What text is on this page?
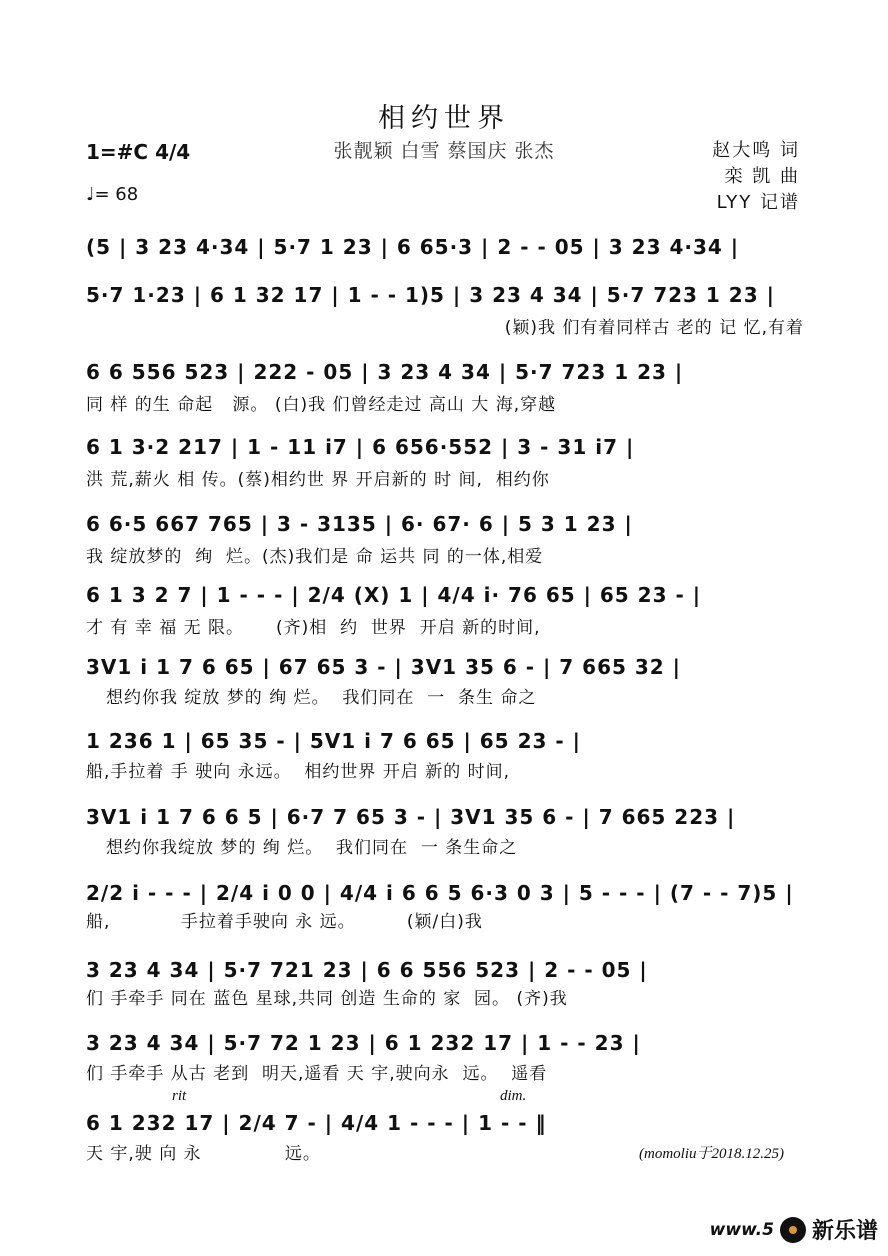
相约世界
张靓颖 白雪 蔡国庆 张杰
1=#C 4/4
♩= 68
赵大鸣 词
栾 凯 曲
LYY 记谱
(5 | 3 23 4·34 | 5·7 1 23 | 6 65·3 | 2 - - 05 | 3 23 4·34 |
5·7 1·23 | 6 1 32 17 | 1 - - 1)5 | 3 23 4 34 | 5·7 723 1 23 |
(颖)我 们有着同样古 老的 记 忆,有着
6 6 556 523 | 222 - 05 | 3 23 4 34 | 5·7 723 1 23 |
同 样 的生 命起   源。 (白)我 们曾经走过 高山 大 海,穿越
6 1 3·2 217 | 1 - 11 i7 | 6 656·552 | 3 - 31 i7 |
洪 荒,薪火 相 传。(蔡)相约世 界 开启新的 时 间,  相约你
6 6·5 667 765 | 3 - 3135 | 6· 67· 6 | 5 3 1 23 |
我 绽放梦的  绚  烂。(杰)我们是 命 运共 同 的一体,相爱
6 1 3 2 7 | 1 - - - | 2/4 (X) 1 | 4/4 i· 76 65 | 65 23 - |
才 有 幸 福 无 限。     (齐)相  约  世界  开启 新的时间,
3V1 i 1 7 6 65 | 67 65 3 - | 3V1 35 6 - | 7 665 32 |
想约你我 绽放 梦的 绚 烂。  我们同在  一  条生 命之
1 236 1 | 65 35 - | 5V1 i 7 6 65 | 65 23 - |
船,手拉着 手 驶向 永远。  相约世界 开启 新的 时间,
3V1 i 1 7 6 6 5 | 6·7 7 65 3 - | 3V1 35 6 - | 7 665 223 |
想约你我绽放 梦的 绚 烂。  我们同在  一 条生命之
2/2 i - - - | 2/4 i 0 0 | 4/4 i 6 6 5 6·3 0 3 | 5 - - - | (7 - - 7)5 |
船,           手拉着手驶向 永 远。        (颖/白)我
3 23 4 34 | 5·7 721 23 | 6 6 556 523 | 2 - - 05 |
们 手牵手 同在 蓝色 星球,共同 创造 生命的 家  园。 (齐)我
3 23 4 34 | 5·7 72 1 23 | 6 1 232 17 | 1 - - 23 |
们 手牵手 从古 老到  明天,遥看 天 宇,驶向永  远。  遥看
rit	dim.
6 1 232 17 | 2/4 7 - | 4/4 1 - - - | 1 - - ‖
天 宇,驶 向 永             远。	(momoliu于2018.12.25)
www.5 新乐谱
